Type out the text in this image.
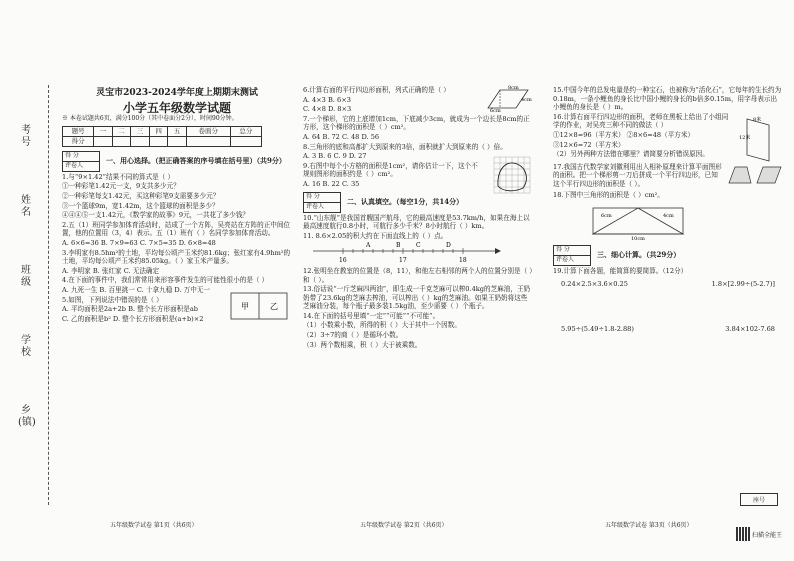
考号
姓名
班级
学校
乡(镇)
灵宝市2023-2024学年度上期期末测试
小学五年级数学试题
※ 本卷试题共6页，满分100分（其中卷面分2分），时间90分钟。
题号	一	二	三	四	五	卷面分	总分
得分							
得 分
评卷人
一、用心选择。（把正确答案的序号填在括号里）（共9分）
1.与“9×1.42”结果不同的算式是（ ）
①一种彩笔1.42元一支，9支共多少元？
②一种彩笔每支1.42元，买这种彩笔9支需要多少元？
③一个篮球9m，宽1.42m，这个篮球的面积是多少？
④④④⑤一支1.42元，《数学家的故事》9元，一共花了多少钱？
2.五（1）班同学参加体育活动时，站成了一个方阵，吴亮站在方阵的正中间位置，他的位置用（3，4）表示。五（1）班有（ ）名同学参加体育活动。
A. 6×6=36 B. 7×9=63 C. 7×5=35 D. 6×8=48
3.李明家有8.5hm²的土地，平均每公顷产玉米约81.6kg；张红家有4.9hm²的土地，平均每公顷产玉米约85.05kg。（ ）家玉米产量多。
A. 李明家 B. 张红家 C. 无法确定
4.在下面的事件中，我们常常用来形容事件发生的可能性很小的是（ ）
A. 九死一生 B. 百里挑一 C. 十拿九稳 D. 万中无一
5.如图，下列说法中错误的是（ ）
A. 平均面积是2a+2b B. 整个长方形面积是ab
C. 乙的面积是b² D. 整个长方形面积是(a+b)×2
甲	乙
五年级数学试卷 第1页（共6页）
6.计算右面的平行四边形面积，列式正确的是（ ）	8cm
6cm
4cm
A. 4×3 B. 6×3
C. 4×8 D. 8×3
7.一个梯形，它的上底增加1cm，下底减少3cm，就成为一个边长是8cm的正方形，这个梯形的面积是（ ）cm²。
A. 64 B. 72 C. 48 D. 56
8.三角形的底和高都扩大到原来的3倍，面积就扩大到原来的（ ）倍。
A. 3 B. 6 C. 9 D. 27
9.右图中每个小方格的面积是1cm²，请你估计一下，这个不规则图形的面积约是（ ）cm²。
A. 16 B. 22 C. 35
得 分
评卷人
二、认真填空。（每空1分，共14分）
10.“山东舰”是我国首艘国产航母，它的最高速度是53.7km/h，如果在海上以最高速度航行0.8小时，可航行多少千米？8小时航行（ ）km。
11. 8.6×2.05的积大约在下面直线上的（ ）点。
16	17	18
A	B	C	D
12.张明坐在教室的位置是（8，11），和他左右相邻的两个人的位置分别是（ ）和（ ）。
13.俗话说“一斤芝麻四两油”，即生成一千克芝麻可以榨0.4kg的芝麻油，王奶奶带了23.6kg的芝麻去榨油，可以榨出（ ）kg的芝麻油。如果王奶奶将这些芝麻油分装，每个瓶子最多装1.5kg油，至少需要（ ）个瓶子。
14.在下面的括号里填“一定”“可能”“不可能”。
（1）小数乘小数，所得的积（ ）大于其中一个因数。
（2）3÷7的商（ ）是循环小数。
（3）两个数相乘，积（ ）大于被乘数。
五年级数学试卷 第2页（共6页）
15.中国今年的总发电量是约一种宝石，也被称为“活化石”，它每年的生长约为0.18m，一条小鲤鱼的身长比中国小鲤的身长的b倍多0.15m，用字母表示出小鲤鱼的身长是（ ）m。
16.计算右面平行四边形的面积，老师在黑板上给出了小组同学的作业，对吴亮三种不同的做法（ ）
①12×8=96（平方米） ②8×6=48（平方米）
③12×6=72（平方米）
（2）另外两种方法错在哪里？请简要分析错误原因。
8米
12米
17.我国古代数学家刘徽利用出入相补原理来计算平面图形的面积。把一个梯形剪一刀后拼成一个平行四边形，已知这个平行四边形的面积是（ ）。
18.下图中三角形的面积是（ ）cm²。
6cm	4cm
10cm
得 分
评卷人
三、细心计算。（共29分）
19.计算下面各题，能简算的要简算。（12分）
0.24×2.5×3.6×0.25	1.8×[2.99÷(5-2.7)]
5.95÷(5.49÷1.8-2.88)	3.84×102-7.68
五年级数学试卷 第3页（共6页）
座号
扫描全能王
